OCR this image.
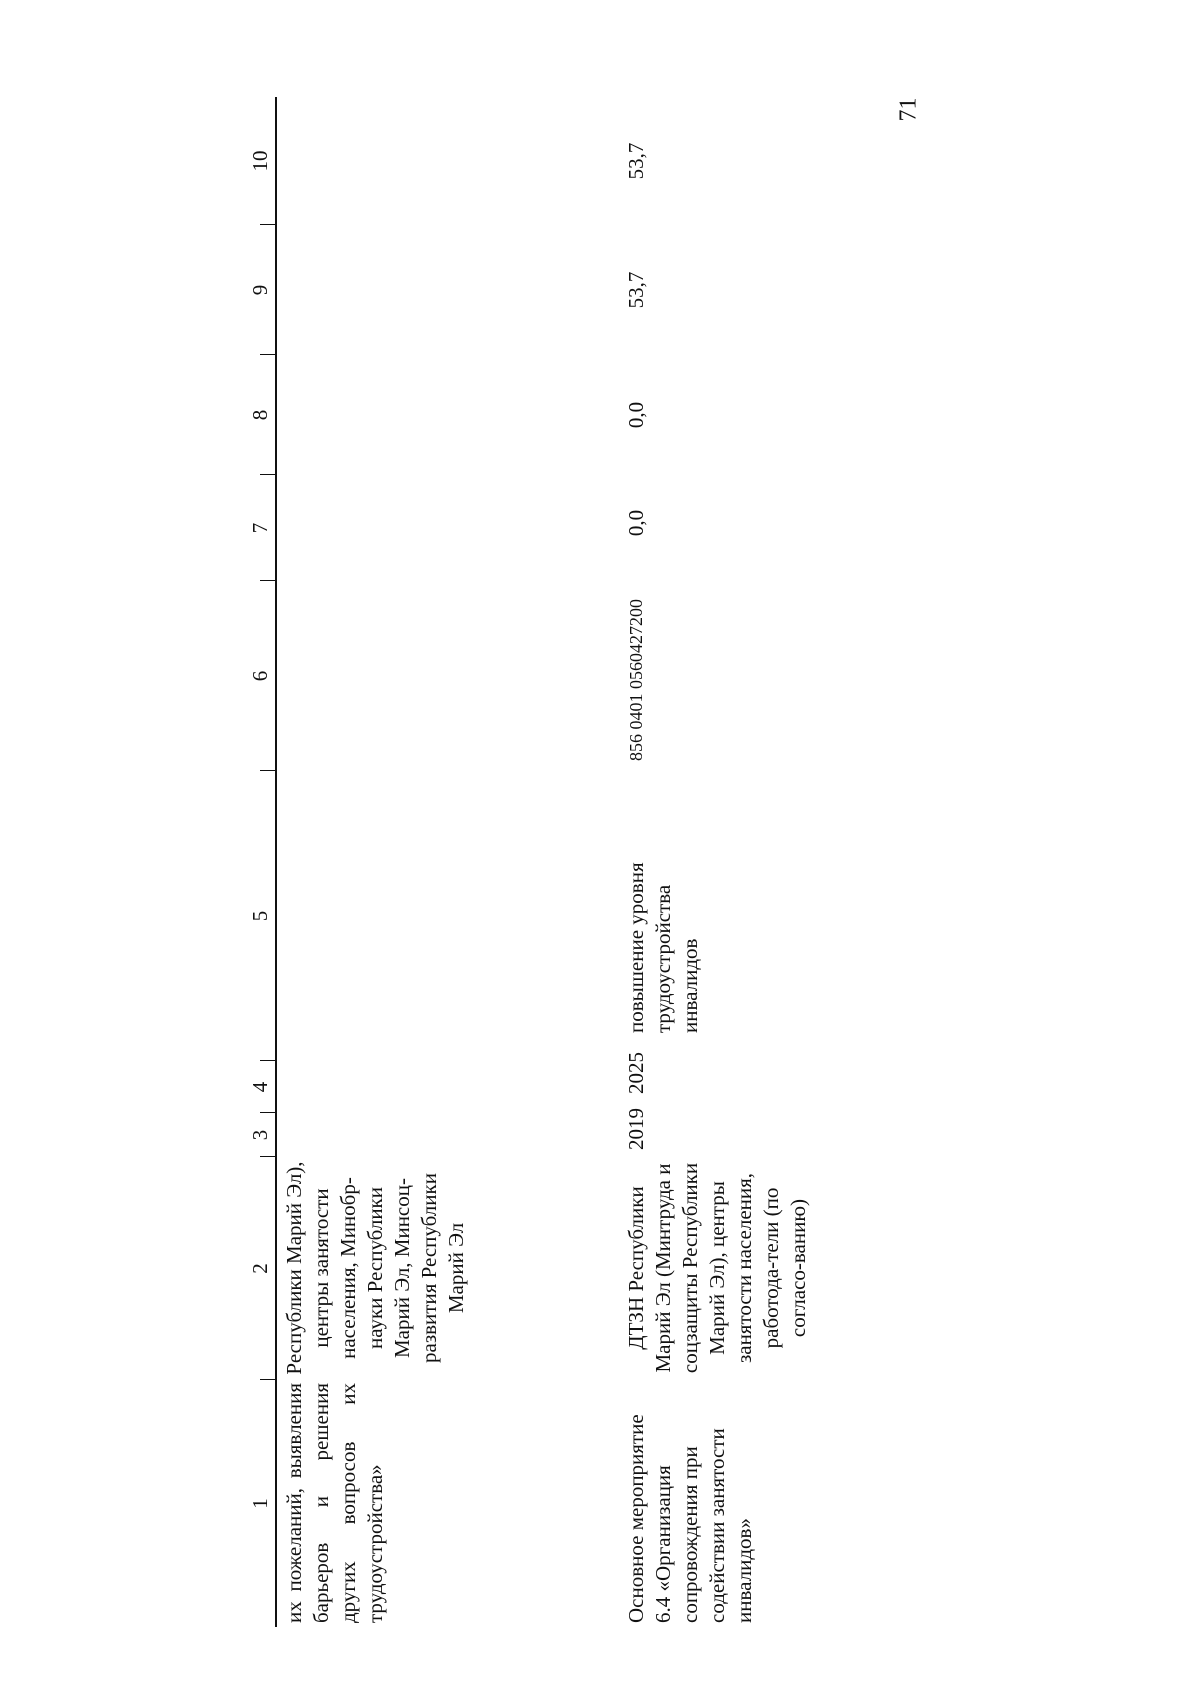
71
1
2
3
4
5
6
7
8
9
10
их пожеланий, выявления барьеров и решения других вопросов их трудоустройства»
Республики Марий Эл), центры занятости населения, Минобр-науки Республики Марий Эл, Минсоц-развития Республики Марий Эл
Основное мероприятие 6.4 «Организация сопровождения при содействии занятости инвалидов»
ДТЗН Республики Марий Эл (Минтруда и соцзащиты Республики Марий Эл), центры занятости населения, работода-тели (по согласо-ванию)
2019
2025
повышение уровня трудоустройства инвалидов
856 0401 0560427200
0,0
0,0
53,7
53,7
